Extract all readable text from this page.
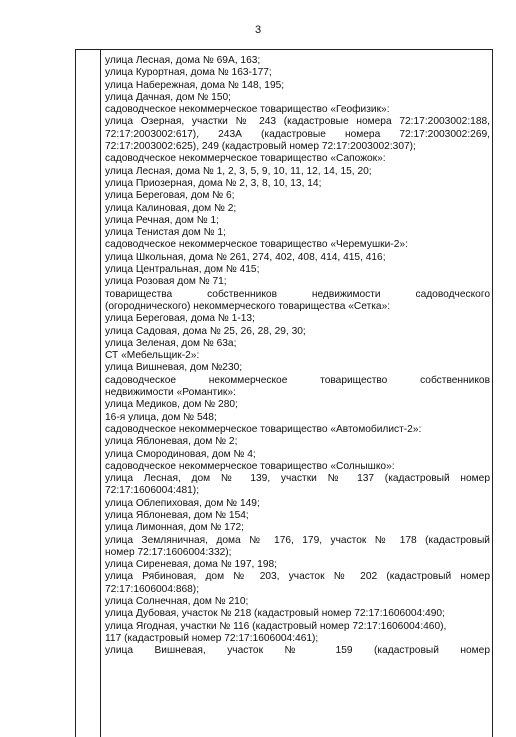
3
улица Лесная, дома № 69А, 163;
улица Курортная, дома № 163-177;
улица Набережная, дома № 148, 195;
улица Дачная, дом № 150;
садоводческое некоммерческое товарищество «Геофизик»:
улица Озерная, участки № 243 (кадастровые номера 72:17:2003002:188,
72:17:2003002:617), 243А (кадастровые номера 72:17:2003002:269,
72:17:2003002:625), 249 (кадастровый номер 72:17:2003002:307);
садоводческое некоммерческое товарищество «Сапожок»:
улица Лесная, дома № 1, 2, 3, 5, 9, 10, 11, 12, 14, 15, 20;
улица Приозерная, дома № 2, 3, 8, 10, 13, 14;
улица Береговая, дом № 6;
улица Калиновая, дом № 2;
улица Речная, дом № 1;
улица Тенистая дом № 1;
садоводческое некоммерческое товарищество «Черемушки-2»:
улица Школьная, дома № 261, 274, 402, 408, 414, 415, 416;
улица Центральная, дом № 415;
улица Розовая дом № 71;
товарищества собственников недвижимости садоводческого
(огороднического) некоммерческого товарищества «Сетка»:
улица Береговая, дома № 1-13;
улица Садовая, дома № 25, 26, 28, 29, 30;
улица Зеленая, дом № 63а;
СТ «Мебельщик-2»:
улица Вишневая, дом №230;
садоводческое некоммерческое товарищество собственников
недвижимости «Романтик»:
улица Медиков, дом № 280;
16-я улица, дом № 548;
садоводческое некоммерческое товарищество «Автомобилист-2»:
улица Яблоневая, дом № 2;
улица Смородиновая, дом № 4;
садоводческое некоммерческое товарищество «Солнышко»:
улица Лесная, дом № 139, участки № 137 (кадастровый номер
72:17:1606004:481);
улица Облепиховая, дом № 149;
улица Яблоневая, дом № 154;
улица Лимонная, дом № 172;
улица Земляничная, дома № 176, 179, участок № 178 (кадастровый
номер 72:17:1606004:332);
улица Сиреневая, дома № 197, 198;
улица Рябиновая, дом № 203, участок № 202 (кадастровый номер
72:17:1606004:868);
улица Солнечная, дом № 210;
улица Дубовая, участок № 218 (кадастровый номер 72:17:1606004:490;
улица Ягодная, участки № 116 (кадастровый номер 72:17:1606004:460),
117 (кадастровый номер 72:17:1606004:461);
улица Вишневая, участок № 159 (кадастровый номер
